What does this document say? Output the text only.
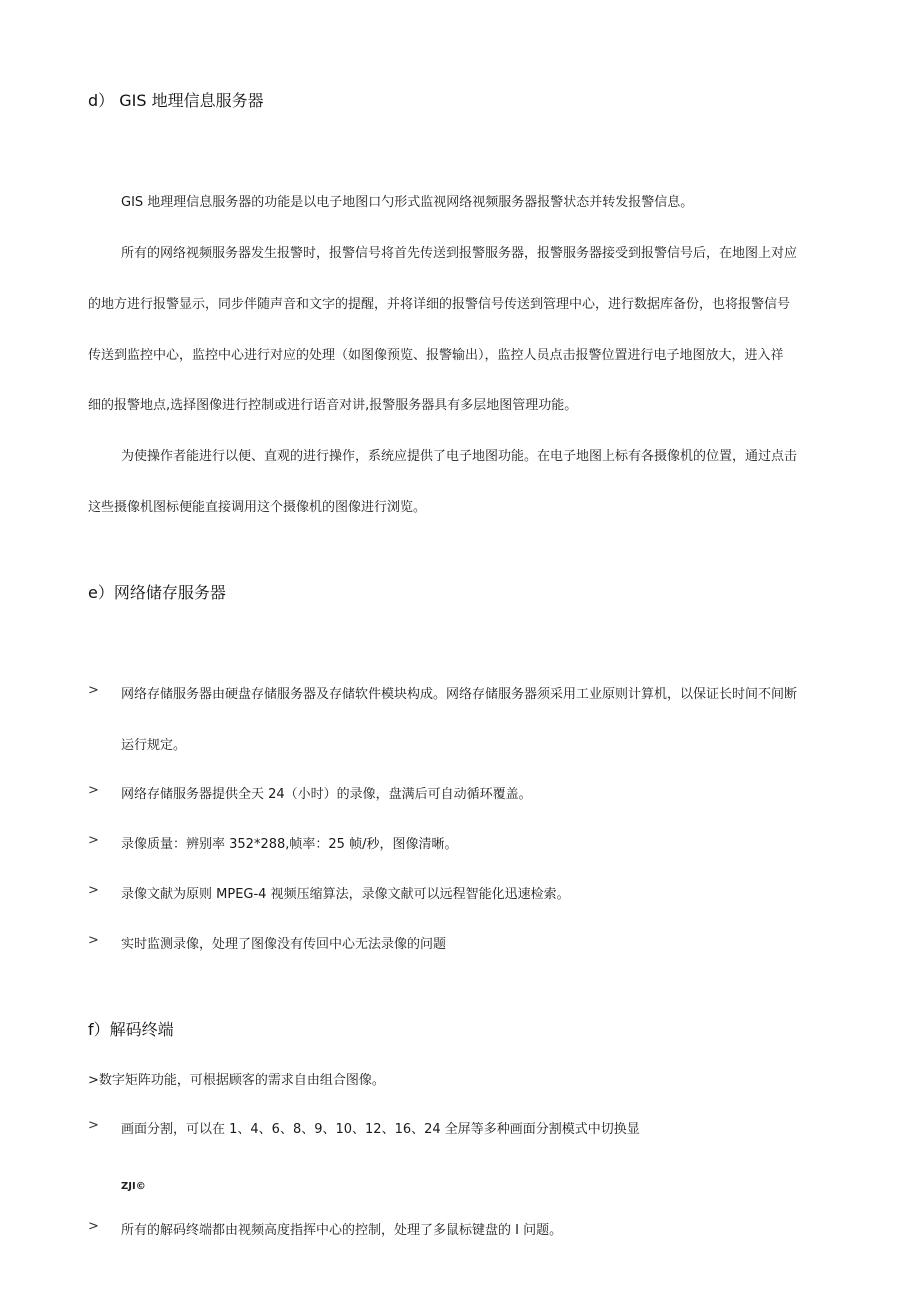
d） GIS 地理信息服务器

GIS 地理理信息服务器的功能是以电子地图口勺形式监视网络视频服务器报警状态并转发报警信息。

所有的网络视频服务器发生报警时，报警信号将首先传送到报警服务器，报警服务器接受到报警信号后，在地图上对应

的地方进行报警显示，同步伴随声音和文字的提醒，并将详细的报警信号传送到管理中心，进行数据库备份，也将报警信号

传送到监控中心，监控中心进行对应的处理（如图像预览、报警输出），监控人员点击报警位置进行电子地图放大，进入祥

细的报警地点,选择图像进行控制或进行语音对讲,报警服务器具有多层地图管理功能。

为使操作者能进行以便、直观的进行操作，系统应提供了电子地图功能。在电子地图上标有各摄像机的位置，通过点击

这些摄像机图标便能直接调用这个摄像机的图像进行浏览。

e）网络储存服务器
> 网络存储服务器由硬盘存储服务器及存储软件模块构成。网络存储服务器须采用工业原则计算机，以保证长时间不间断

运行规定。

> 网络存储服务器提供全天 24（小时）的录像，盘满后可自动循环覆盖。

> 录像质量：辨别率 352*288,帧率：25 帧/秒，图像清晰。

> 录像文献为原则 MPEG-4 视频压缩算法，录像文献可以远程智能化迅速检索。

> 实时监测录像，处理了图像没有传回中心无法录像的问题

f）解码终端

>数字矩阵功能，可根据顾客的需求自由组合图像。

> 画面分割，可以在 1、4、6、8、9、10、12、16、24 全屏等多种画面分割模式中切换显

ZJI©
> 所有的解码终端都由视频高度指挥中心的控制，处理了多鼠标键盘的 I 问题。
